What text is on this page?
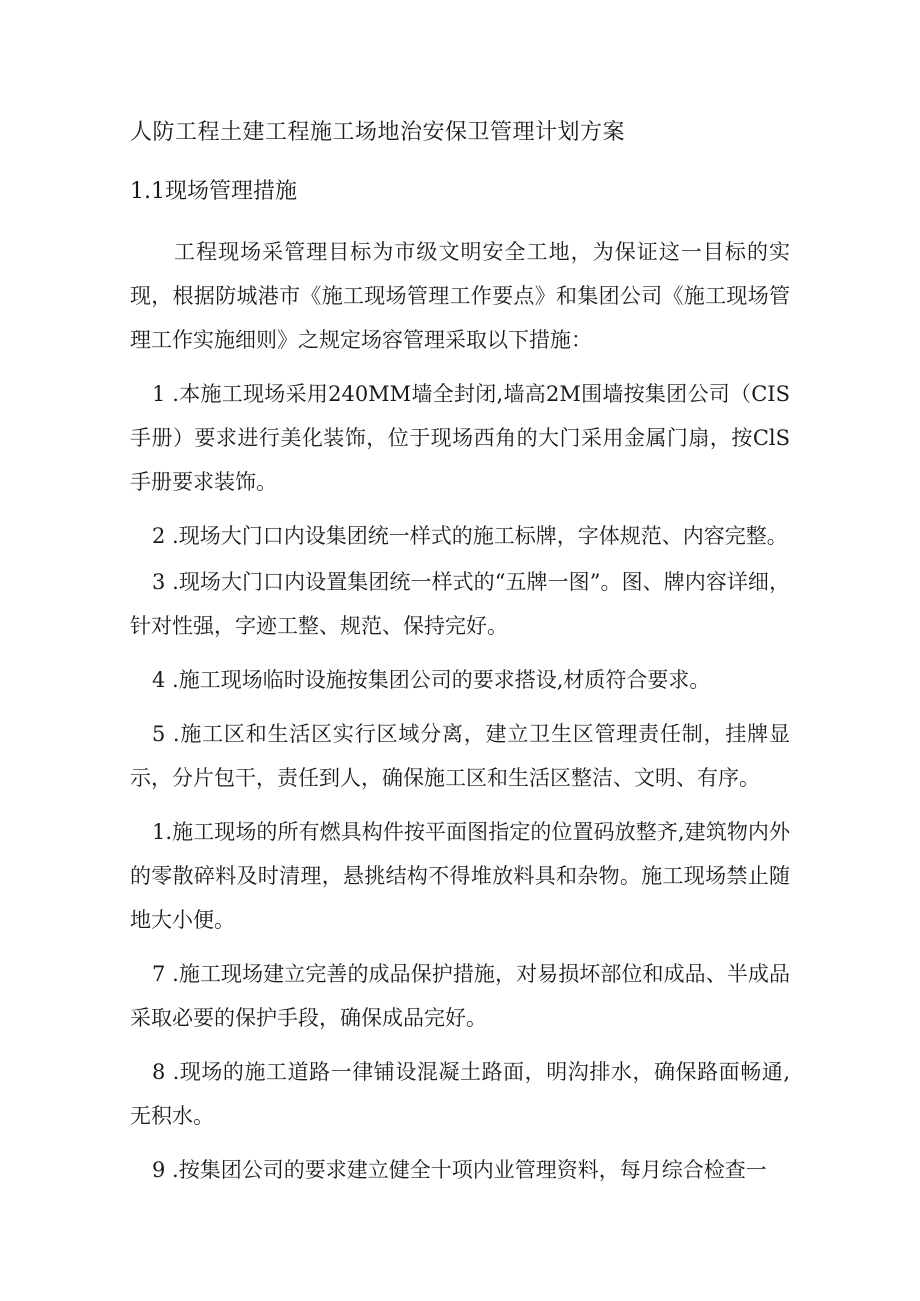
人防工程土建工程施工场地治安保卫管理计划方案
1.1现场管理措施

工程现场采管理目标为市级文明安全工地，为保证这一目标的实现，根据防城港市《施工现场管理工作要点》和集团公司《施工现场管理工作实施细则》之规定场容管理采取以下措施：

1 .本施工现场采用240MM墙全封闭,墙高2M围墙按集团公司（CIS手册）要求进行美化装饰，位于现场西角的大门采用金属门扇，按ClS手册要求装饰。

2 .现场大门口内设集团统一样式的施工标牌，字体规范、内容完整。

3 .现场大门口内设置集团统一样式的“五牌一图”。图、牌内容详细，针对性强，字迹工整、规范、保持完好。

4 .施工现场临时设施按集团公司的要求搭设,材质符合要求。

5 .施工区和生活区实行区域分离，建立卫生区管理责任制，挂牌显示，分片包干，责任到人，确保施工区和生活区整洁、文明、有序。

1.施工现场的所有燃具构件按平面图指定的位置码放整齐,建筑物内外的零散碎料及时清理，悬挑结构不得堆放料具和杂物。施工现场禁止随地大小便。

7 .施工现场建立完善的成品保护措施，对易损坏部位和成品、半成品采取必要的保护手段，确保成品完好。

8 .现场的施工道路一律铺设混凝土路面，明沟排水，确保路面畅通,无积水。

9 .按集团公司的要求建立健全十项内业管理资料，每月综合检查一
